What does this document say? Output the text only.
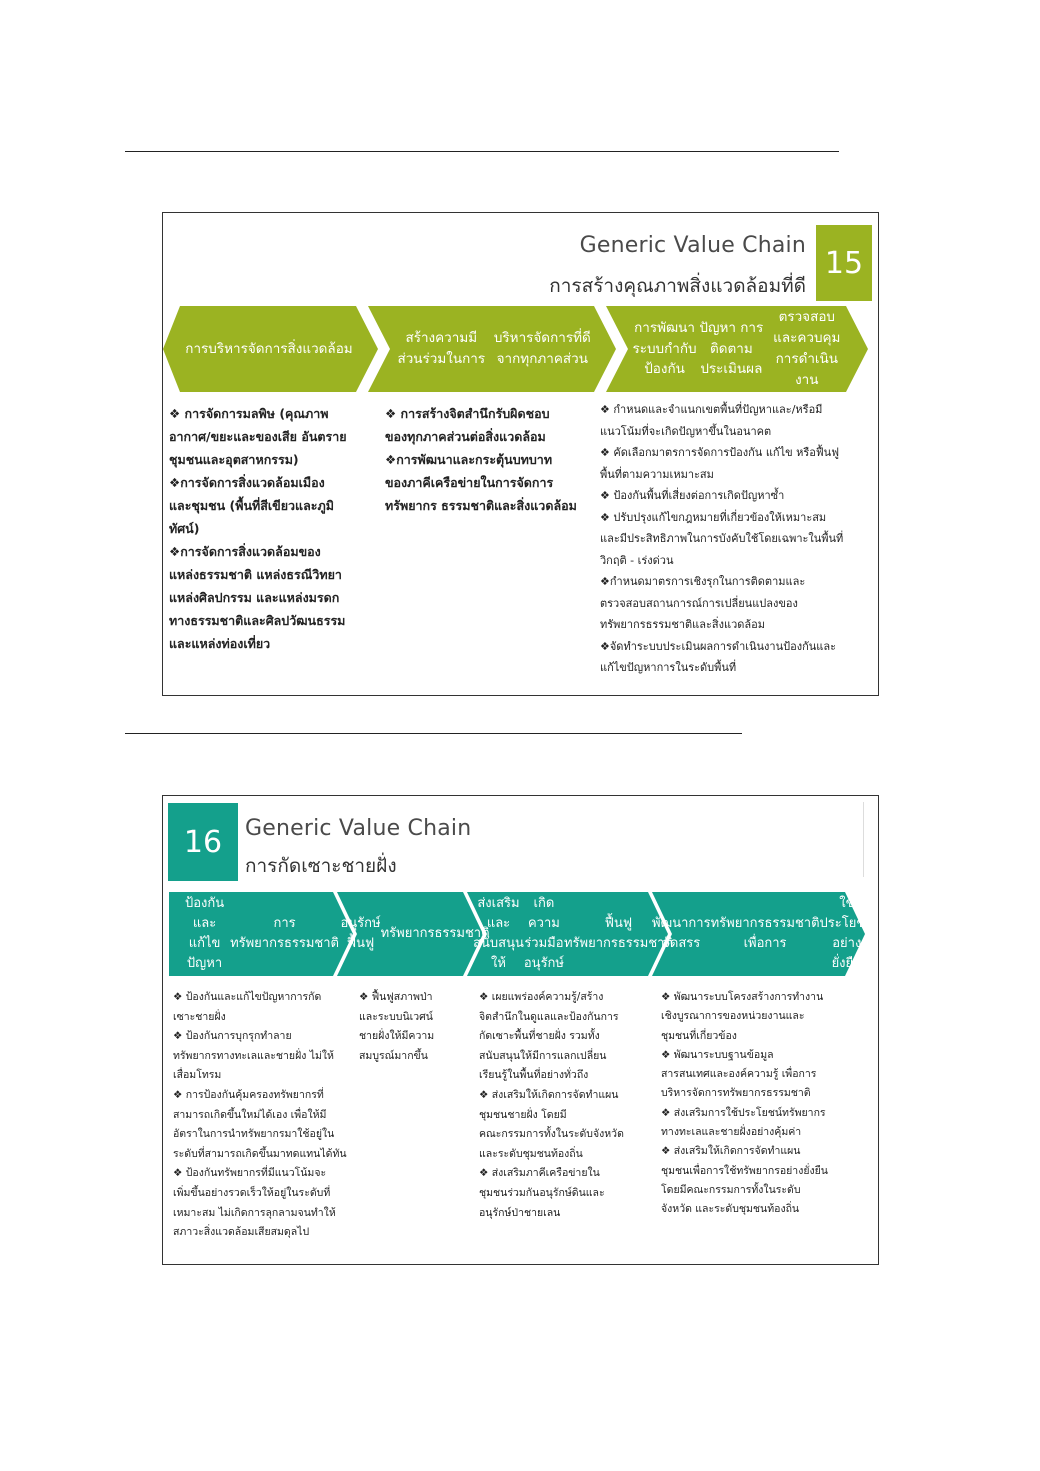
Generic Value Chain
การสร้างคุณภาพสิ่งแวดล้อมที่ดี
15
การบริหารจัดการสิ่งแวดล้อม
สร้างความมีส่วนร่วมในการ
บริหารจัดการที่ดีจากทุกภาคส่วน
การพัฒนาระบบกำกับ ป้องกัน
ปัญหา การติดตามประเมินผล
ตรวจสอบ และควบคุมการดำเนินงาน

❖ การจัดการมลพิษ (คุณภาพ

อากาศ/ขยะและของเสีย อันตราย

ชุมชนและอุตสาหกรรม)

❖การจัดการสิ่งแวดล้อมเมือง

และชุมชน (พื้นที่สีเขียวและภูมิ

ทัศน์)

❖การจัดการสิ่งแวดล้อมของ

แหล่งธรรมชาติ แหล่งธรณีวิทยา

แหล่งศิลปกรรม และแหล่งมรดก

ทางธรรมชาติและศิลปวัฒนธรรม

และแหล่งท่องเที่ยว

❖ การสร้างจิตสำนึกรับผิดชอบ

ของทุกภาคส่วนต่อสิ่งแวดล้อม

❖การพัฒนาและกระตุ้นบทบาท

ของภาคีเครือข่ายในการจัดการ

ทรัพยากร ธรรมชาติและสิ่งแวดล้อม

❖ กำหนดและจำแนกเขตพื้นที่ปัญหาและ/หรือมี

แนวโน้มที่จะเกิดปัญหาขึ้นในอนาคต

❖ คัดเลือกมาตรการจัดการป้องกัน แก้ไข หรือฟื้นฟู

พื้นที่ตามความเหมาะสม

❖ ป้องกันพื้นที่เสี่ยงต่อการเกิดปัญหาซ้ำ

❖ ปรับปรุงแก้ไขกฎหมายที่เกี่ยวข้องให้เหมาะสม

และมีประสิทธิภาพในการบังคับใช้โดยเฉพาะในพื้นที่

วิกฤติ - เร่งด่วน

❖กำหนดมาตรการเชิงรุกในการติดตามและ

ตรวจสอบสถานการณ์การเปลี่ยนแปลงของ

ทรัพยากรธรรมชาติและสิ่งแวดล้อม

❖จัดทำระบบประเมินผลการดำเนินงานป้องกันและ

แก้ไขปัญหาการในระดับพื้นที่

16	Generic Value Chain
การกัดเซาะชายฝั่ง
ป้องกันและแก้ไขปัญหา
การทรัพยากรธรรมชาติ
อนุรักษ์ฟื้นฟู
ทรัพยากรธรรมชาติ
ส่งเสริมและสนับสนุนให้
เกิดความร่วมมืออนุรักษ์
ฟื้นฟูทรัพยากรธรรมชาติ
พัฒนาการจัดสรร
ทรัพยากรธรรมชาติเพื่อการ
ใช้ประโยชน์อย่างยั่งยืน

❖ ป้องกันและแก้ไขปัญหาการกัด

เซาะชายฝั่ง

❖ ป้องกันการบุกรุกทำลาย

ทรัพยากรทางทะเลและชายฝั่ง ไม่ให้

เสื่อมโทรม

❖ การป้องกันคุ้มครองทรัพยากรที่

สามารถเกิดขึ้นใหม่ได้เอง เพื่อให้มี

อัตราในการนำทรัพยากรมาใช้อยู่ใน

ระดับที่สามารถเกิดขึ้นมาทดแทนได้ทัน

❖ ป้องกันทรัพยากรที่มีแนวโน้มจะ

เพิ่มขึ้นอย่างรวดเร็วให้อยู่ในระดับที่

เหมาะสม ไม่เกิดการลุกลามจนทำให้

สภาวะสิ่งแวดล้อมเสียสมดุลไป

❖ ฟื้นฟูสภาพป่า

และระบบนิเวศน์

ชายฝั่งให้มีความ

สมบูรณ์มากขึ้น

❖ เผยแพร่องค์ความรู้/สร้าง

จิตสำนึกในดูแลและป้องกันการ

กัดเซาะพื้นที่ชายฝั่ง รวมทั้ง

สนับสนุนให้มีการแลกเปลี่ยน

เรียนรู้ในพื้นที่อย่างทั่วถึง

❖ ส่งเสริมให้เกิดการจัดทำแผน

ชุมชนชายฝั่ง โดยมี

คณะกรรมการทั้งในระดับจังหวัด

และระดับชุมชนท้องถิ่น

❖ ส่งเสริมภาคีเครือข่ายใน

ชุมชนร่วมกันอนุรักษ์ดินและ

อนุรักษ์ป่าชายเลน

❖ พัฒนาระบบโครงสร้างการทำงาน

เชิงบูรณาการของหน่วยงานและ

ชุมชนที่เกี่ยวข้อง

❖ พัฒนาระบบฐานข้อมูล

สารสนเทศและองค์ความรู้ เพื่อการ

บริหารจัดการทรัพยากรธรรมชาติ

❖ ส่งเสริมการใช้ประโยชน์ทรัพยากร

ทางทะเลและชายฝั่งอย่างคุ้มค่า

❖ ส่งเสริมให้เกิดการจัดทำแผน

ชุมชนเพื่อการใช้ทรัพยากรอย่างยั่งยืน

โดยมีคณะกรรมการทั้งในระดับ

จังหวัด และระดับชุมชนท้องถิ่น
